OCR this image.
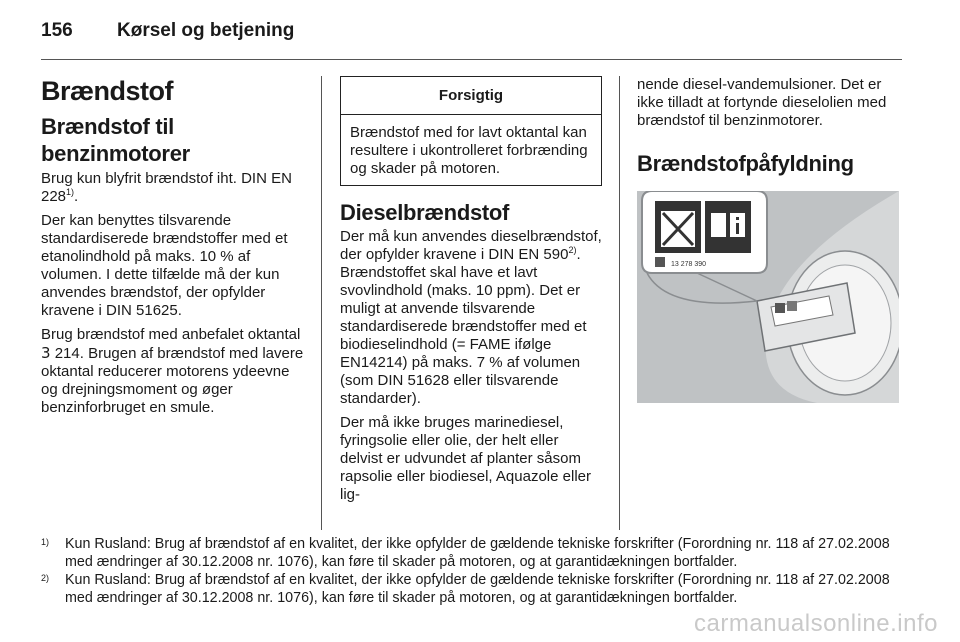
156 Kørsel og betjening
Brændstof
Brændstof til benzinmotorer

Brug kun blyfrit brændstof iht. DIN EN 228$^{1)}$.

Der kan benyttes tilsvarende standardiserede brændstoffer med et etanolindhold på maks. 10 % af volumen. I dette tilfælde må der kun anvendes brændstof, der opfylder kravene i DIN 51625.

Brug brændstof med anbefalet oktantal 3 214. Brugen af brændstof med lavere oktantal reducerer motorens ydeevne og drejningsmoment og øger benzinforbruget en smule.

Forsigtig
Brændstof med for lavt oktantal kan resultere i ukontrolleret forbrænding og skader på motoren.
Dieselbrændstof

Der må kun anvendes dieselbrændstof, der opfylder kravene i DIN EN 590$^{2)}$. Brændstoffet skal have et lavt svovlindhold (maks. 10 ppm). Det er muligt at anvende tilsvarende standardiserede brændstoffer med et biodieselindhold (= FAME ifølge EN14214) på maks. 7 % af volumen (som DIN 51628 eller tilsvarende standarder).

Der må ikke bruges marinediesel, fyringsolie eller olie, der helt eller delvist er udvundet af planter såsom rapsolie eller biodiesel, Aquazole eller lig-

nende diesel-vandemulsioner. Det er ikke tilladt at fortynde dieselolien med brændstof til benzinmotorer.

Brændstofpåfyldning
13 278 390
1) Kun Rusland: Brug af brændstof af en kvalitet, der ikke opfylder de gældende tekniske forskrifter (Forordning nr. 118 af 27.02.2008 med ændringer af 30.12.2008 nr. 1076), kan føre til skader på motoren, og at garantidækningen bortfalder.
2) Kun Rusland: Brug af brændstof af en kvalitet, der ikke opfylder de gældende tekniske forskrifter (Forordning nr. 118 af 27.02.2008 med ændringer af 30.12.2008 nr. 1076), kan føre til skader på motoren, og at garantidækningen bortfalder.
carmanualsonline.info
